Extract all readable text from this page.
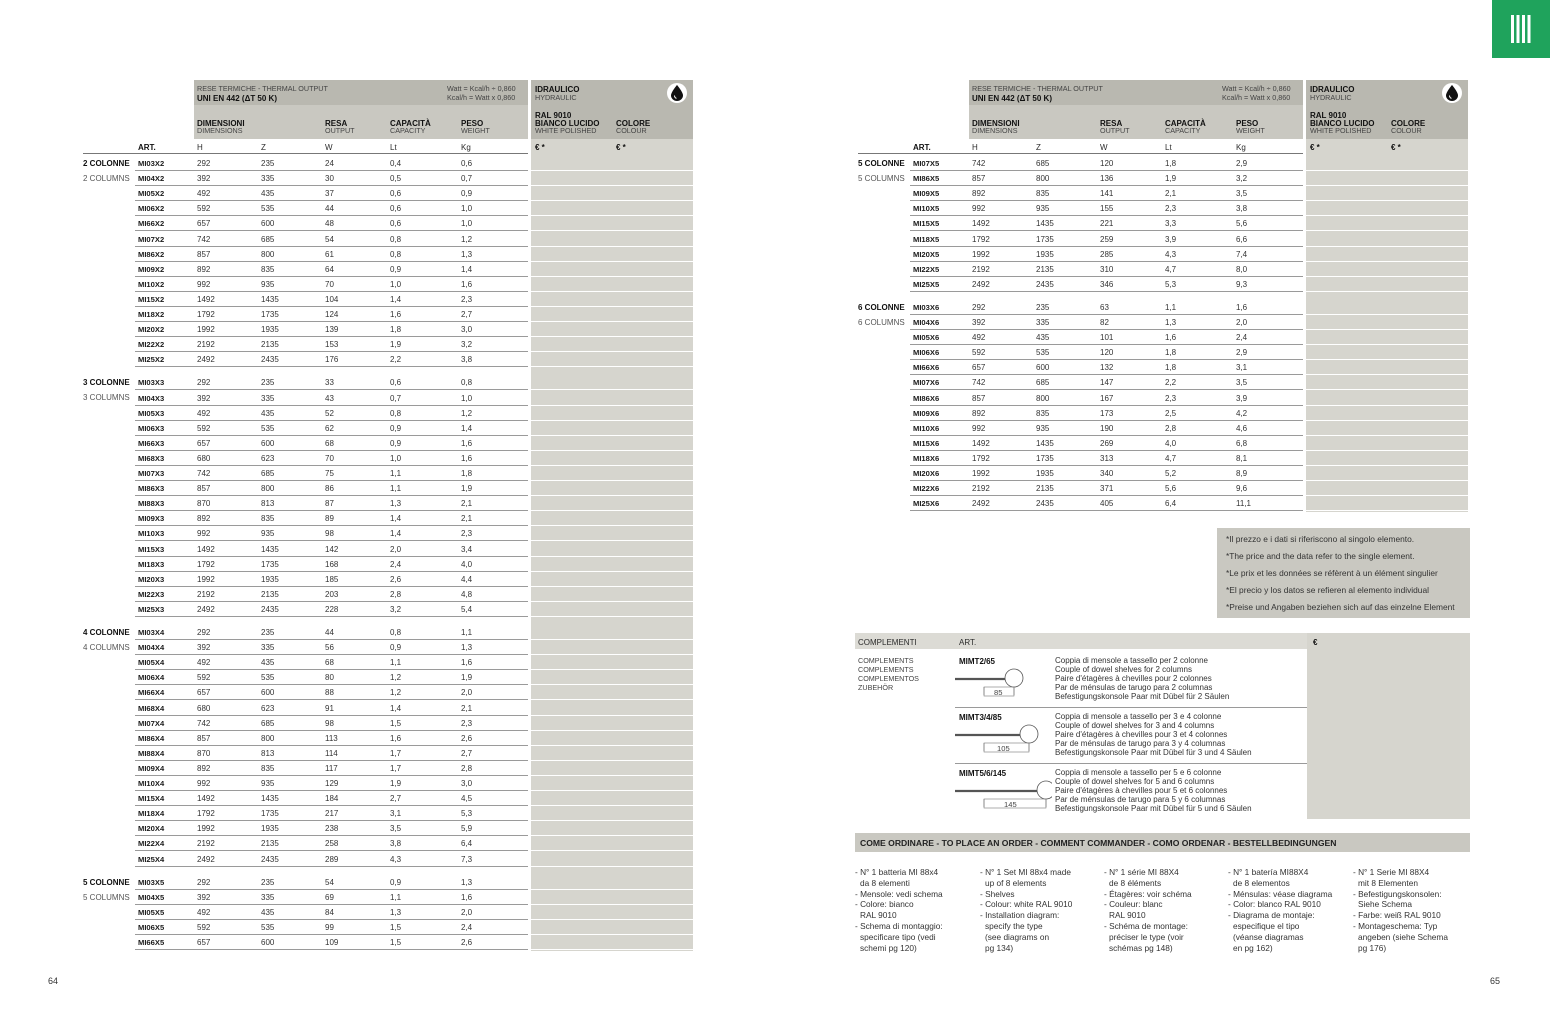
RESE TERMICHE - THERMAL OUTPUT
UNI EN 442 (ΔT 50 K)
Watt = Kcal/h ÷ 0,860
Kcal/h = Watt x 0,860
IDRAULICO
HYDRAULIC
RAL 9010
BIANCO LUCIDO
WHITE POLISHED
COLORE
COLOUR
DIMENSIONI
DIMENSIONS
RESA
OUTPUT
CAPACITÀ
CAPACITY
PESO
WEIGHT
ART.	H	Z	W	Lt	Kg	€ *	€ *
2 COLONNE
2 COLUMNS
MI03X2	292	235	24	0,4	0,6
MI04X2	392	335	30	0,5	0,7
MI05X2	492	435	37	0,6	0,9
MI06X2	592	535	44	0,6	1,0
MI66X2	657	600	48	0,6	1,0
MI07X2	742	685	54	0,8	1,2
MI86X2	857	800	61	0,8	1,3
MI09X2	892	835	64	0,9	1,4
MI10X2	992	935	70	1,0	1,6
MI15X2	1492	1435	104	1,4	2,3
MI18X2	1792	1735	124	1,6	2,7
MI20X2	1992	1935	139	1,8	3,0
MI22X2	2192	2135	153	1,9	3,2
MI25X2	2492	2435	176	2,2	3,8
3 COLONNE
3 COLUMNS
MI03X3	292	235	33	0,6	0,8
MI04X3	392	335	43	0,7	1,0
MI05X3	492	435	52	0,8	1,2
MI06X3	592	535	62	0,9	1,4
MI66X3	657	600	68	0,9	1,6
MI68X3	680	623	70	1,0	1,6
MI07X3	742	685	75	1,1	1,8
MI86X3	857	800	86	1,1	1,9
MI88X3	870	813	87	1,3	2,1
MI09X3	892	835	89	1,4	2,1
MI10X3	992	935	98	1,4	2,3
MI15X3	1492	1435	142	2,0	3,4
MI18X3	1792	1735	168	2,4	4,0
MI20X3	1992	1935	185	2,6	4,4
MI22X3	2192	2135	203	2,8	4,8
MI25X3	2492	2435	228	3,2	5,4
4 COLONNE
4 COLUMNS
MI03X4	292	235	44	0,8	1,1
MI04X4	392	335	56	0,9	1,3
MI05X4	492	435	68	1,1	1,6
MI06X4	592	535	80	1,2	1,9
MI66X4	657	600	88	1,2	2,0
MI68X4	680	623	91	1,4	2,1
MI07X4	742	685	98	1,5	2,3
MI86X4	857	800	113	1,6	2,6
MI88X4	870	813	114	1,7	2,7
MI09X4	892	835	117	1,7	2,8
MI10X4	992	935	129	1,9	3,0
MI15X4	1492	1435	184	2,7	4,5
MI18X4	1792	1735	217	3,1	5,3
MI20X4	1992	1935	238	3,5	5,9
MI22X4	2192	2135	258	3,8	6,4
MI25X4	2492	2435	289	4,3	7,3
5 COLONNE
5 COLUMNS
MI03X5	292	235	54	0,9	1,3
MI04X5	392	335	69	1,1	1,6
MI05X5	492	435	84	1,3	2,0
MI06X5	592	535	99	1,5	2,4
MI66X5	657	600	109	1,5	2,6
RESE TERMICHE - THERMAL OUTPUT
UNI EN 442 (ΔT 50 K)
Watt = Kcal/h ÷ 0,860
Kcal/h = Watt x 0,860
IDRAULICO
HYDRAULIC
RAL 9010
BIANCO LUCIDO
WHITE POLISHED
COLORE
COLOUR
DIMENSIONI
DIMENSIONS
RESA
OUTPUT
CAPACITÀ
CAPACITY
PESO
WEIGHT
ART.	H	Z	W	Lt	Kg	€ *	€ *
5 COLONNE
5 COLUMNS
MI07X5	742	685	120	1,8	2,9
MI86X5	857	800	136	1,9	3,2
MI09X5	892	835	141	2,1	3,5
MI10X5	992	935	155	2,3	3,8
MI15X5	1492	1435	221	3,3	5,6
MI18X5	1792	1735	259	3,9	6,6
MI20X5	1992	1935	285	4,3	7,4
MI22X5	2192	2135	310	4,7	8,0
MI25X5	2492	2435	346	5,3	9,3
6 COLONNE
6 COLUMNS
MI03X6	292	235	63	1,1	1,6
MI04X6	392	335	82	1,3	2,0
MI05X6	492	435	101	1,6	2,4
MI06X6	592	535	120	1,8	2,9
MI66X6	657	600	132	1,8	3,1
MI07X6	742	685	147	2,2	3,5
MI86X6	857	800	167	2,3	3,9
MI09X6	892	835	173	2,5	4,2
MI10X6	992	935	190	2,8	4,6
MI15X6	1492	1435	269	4,0	6,8
MI18X6	1792	1735	313	4,7	8,1
MI20X6	1992	1935	340	5,2	8,9
MI22X6	2192	2135	371	5,6	9,6
MI25X6	2492	2435	405	6,4	11,1
*Il prezzo e i dati si riferiscono al singolo elemento.
*The price and the data refer to the single element.
*Le prix et les données se réfèrent à un élément singulier
*El precio y los datos se refieren al elemento individual
*Preise und Angaben beziehen sich auf das einzelne Element
COMPLEMENTI	ART.	€
COMPLEMENTS
COMPLEMENTS
COMPLEMENTOS
ZUBEHÖR
MIMT2/65
85
Coppia di mensole a tassello per 2 colonne
Couple of dowel shelves for 2 columns
Paire d'étagères à chevilles pour 2 colonnes
Par de ménsulas de tarugo para 2 columnas
Befestigungskonsole Paar mit Dübel für 2 Säulen
MIMT3/4/85
105
Coppia di mensole a tassello per 3 e 4 colonne
Couple of dowel shelves for 3 and 4 columns
Paire d'étagères à chevilles pour 3 et 4 colonnes
Par de ménsulas de tarugo para 3 y 4 columnas
Befestigungskonsole Paar mit Dübel für 3 und 4 Säulen
MIMT5/6/145
145
Coppia di mensole a tassello per 5 e 6 colonne
Couple of dowel shelves for 5 and 6 columns
Paire d'étagères à chevilles pour 5 et 6 colonnes
Par de ménsulas de tarugo para 5 y 6 columnas
Befestigungskonsole Paar mit Dübel für 5 und 6 Säulen
COME ORDINARE - TO PLACE AN ORDER - COMMENT COMMANDER - COMO ORDENAR - BESTELLBEDINGUNGEN
- N° 1 batteria MI 88x4
da 8 elementi
- Mensole: vedi schema
- Colore: bianco
RAL 9010
- Schema di montaggio:
specificare tipo (vedi
schemi pg 120)
- N° 1 Set MI 88x4 made
up of 8 elements
- Shelves
- Colour: white RAL 9010
- Installation diagram:
specify the type
(see diagrams on
pg 134)
- N° 1 série MI 88X4
de 8 éléments
- Étagères: voir schéma
- Couleur: blanc
RAL 9010
- Schéma de montage:
préciser le type (voir
schémas pg 148)
- N° 1 batería MI88X4
de 8 elementos
- Ménsulas: véase diagrama
- Color: blanco RAL 9010
- Diagrama de montaje:
especifique el tipo
(véanse diagramas
en pg 162)
- N° 1 Serie MI 88X4
mit 8 Elementen
- Befestigungskonsolen:
Siehe Schema
- Farbe: weiß RAL 9010
- Montageschema: Typ
angeben (siehe Schema
pg 176)
64	65
